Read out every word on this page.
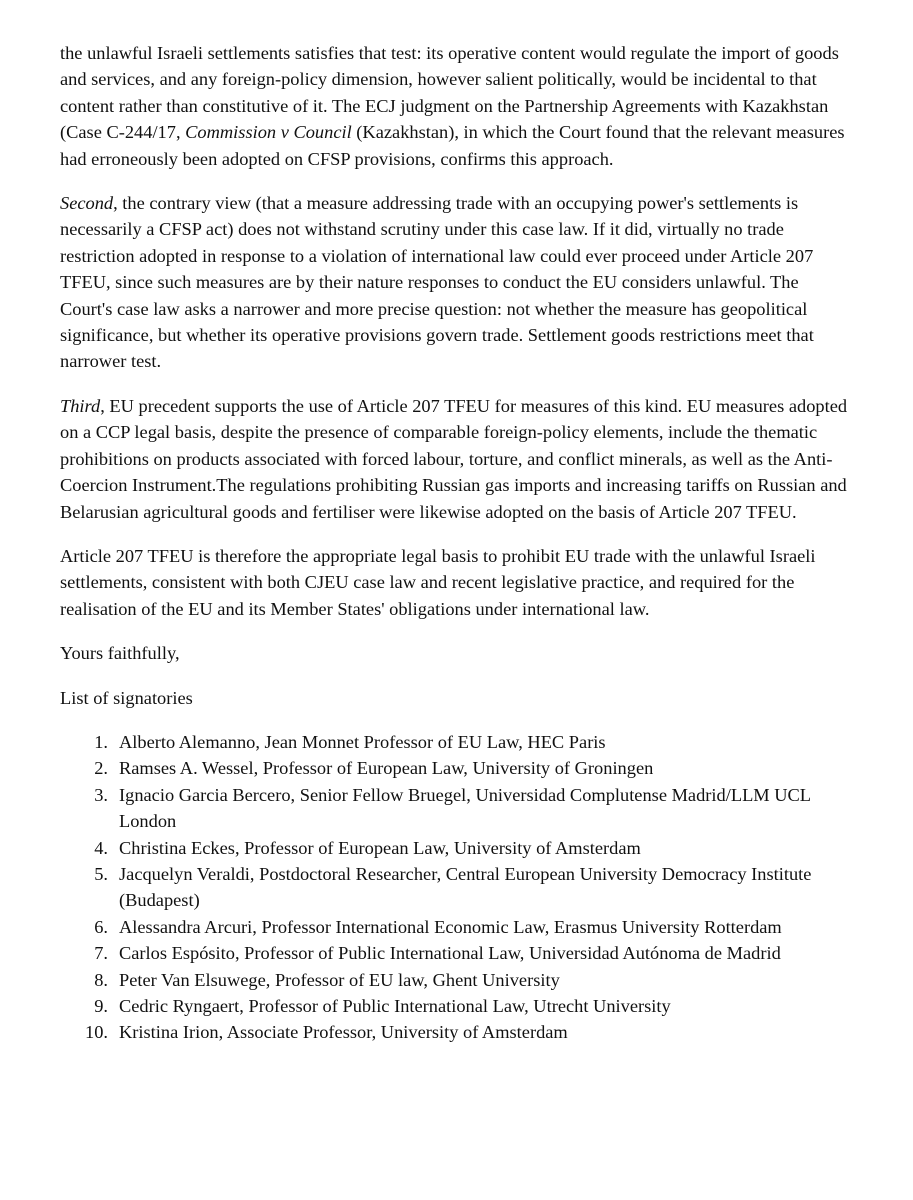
the unlawful Israeli settlements satisfies that test: its operative content would regulate the import of goods and services, and any foreign-policy dimension, however salient politically, would be incidental to that content rather than constitutive of it. The ECJ judgment on the Partnership Agreements with Kazakhstan (Case C-244/17, Commission v Council (Kazakhstan), in which the Court found that the relevant measures had erroneously been adopted on CFSP provisions, confirms this approach.

Second, the contrary view (that a measure addressing trade with an occupying power's settlements is necessarily a CFSP act) does not withstand scrutiny under this case law. If it did, virtually no trade restriction adopted in response to a violation of international law could ever proceed under Article 207 TFEU, since such measures are by their nature responses to conduct the EU considers unlawful. The Court's case law asks a narrower and more precise question: not whether the measure has geopolitical significance, but whether its operative provisions govern trade. Settlement goods restrictions meet that narrower test.

Third, EU precedent supports the use of Article 207 TFEU for measures of this kind. EU measures adopted on a CCP legal basis, despite the presence of comparable foreign-policy elements, include the thematic prohibitions on products associated with forced labour, torture, and conflict minerals, as well as the Anti-Coercion Instrument.The regulations prohibiting Russian gas imports and increasing tariffs on Russian and Belarusian agricultural goods and fertiliser were likewise adopted on the basis of Article 207 TFEU.

Article 207 TFEU is therefore the appropriate legal basis to prohibit EU trade with the unlawful Israeli settlements, consistent with both CJEU case law and recent legislative practice, and required for the realisation of the EU and its Member States' obligations under international law.

Yours faithfully,

List of signatories

1. Alberto Alemanno, Jean Monnet Professor of EU Law, HEC Paris
2. Ramses A. Wessel, Professor of European Law, University of Groningen
3. Ignacio Garcia Bercero, Senior Fellow Bruegel, Universidad Complutense Madrid/LLM UCL London
4. Christina Eckes, Professor of European Law, University of Amsterdam
5. Jacquelyn Veraldi, Postdoctoral Researcher, Central European University Democracy Institute (Budapest)
6. Alessandra Arcuri, Professor International Economic Law, Erasmus University Rotterdam
7. Carlos Espósito, Professor of Public International Law, Universidad Autónoma de Madrid
8. Peter Van Elsuwege, Professor of EU law, Ghent University
9. Cedric Ryngaert, Professor of Public International Law, Utrecht University
10. Kristina Irion, Associate Professor, University of Amsterdam
